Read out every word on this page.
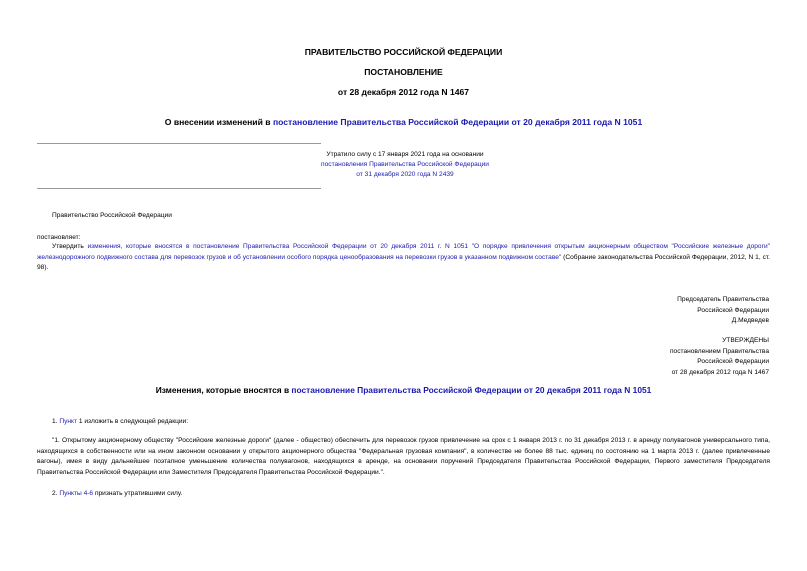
ПРАВИТЕЛЬСТВО РОССИЙСКОЙ ФЕДЕРАЦИИ
ПОСТАНОВЛЕНИЕ
от 28 декабря 2012 года N 1467
О внесении изменений в постановление Правительства Российской Федерации от 20 декабря 2011 года N 1051
Утратило силу с 17 января 2021 года на основании
постановления Правительства Российской Федерации
от 31 декабря 2020 года N 2439
Правительство Российской Федерации
постановляет:
Утвердить изменения, которые вносятся в постановление Правительства Российской Федерации от 20 декабря 2011 г. N 1051 "О порядке привлечения открытым акционерным обществом "Российские железные дороги" железнодорожного подвижного состава для перевозок грузов и об установлении особого порядка ценообразования на перевозки грузов в указанном подвижном составе" (Собрание законодательства Российской Федерации, 2012, N 1, ст. 98).
Председатель Правительства
Российской Федерации
Д.Медведев
УТВЕРЖДЕНЫ
постановлением Правительства
Российской Федерации
от 28 декабря 2012 года N 1467
Изменения, которые вносятся в постановление Правительства Российской Федерации от 20 декабря 2011 года N 1051
1. Пункт 1 изложить в следующей редакции:
"1. Открытому акционерному обществу "Российские железные дороги" (далее - общество) обеспечить для перевозок грузов привлечение на срок с 1 января 2013 г. по 31 декабря 2013 г. в аренду полувагонов универсального типа, находящихся в собственности или на ином законном основании у открытого акционерного общества "Федеральная грузовая компания", в количестве не более 88 тыс. единиц по состоянию на 1 марта 2013 г. (далее привлеченные вагоны), имея в виду дальнейшее поэтапное уменьшение количества полувагонов, находящихся в аренде, на основании поручений Председателя Правительства Российской Федерации, Первого заместителя Председателя Правительства Российской Федерации или Заместителя Председателя Правительства Российской Федерации.".
2. Пункты 4-6 признать утратившими силу.
